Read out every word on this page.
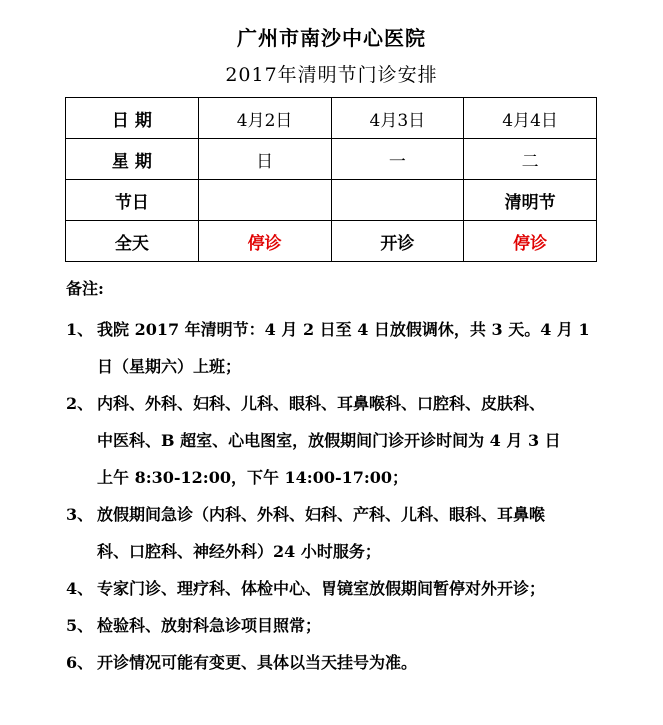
广州市南沙中心医院
2017年清明节门诊安排
日 期	4月2日	4月3日	4月4日
星 期	日	一	二
节日			清明节
全天	停诊	开诊	停诊
备注:
1、 我院 2017 年清明节：4 月 2 日至 4 日放假调休，共 3 天。4 月 1
日（星期六）上班；
2、 内科、外科、妇科、儿科、眼科、耳鼻喉科、口腔科、皮肤科、
中医科、B 超室、心电图室，放假期间门诊开诊时间为 4 月 3 日
上午 8:30-12:00，下午 14:00-17:00；
3、 放假期间急诊（内科、外科、妇科、产科、儿科、眼科、耳鼻喉
科、口腔科、神经外科）24 小时服务；
4、 专家门诊、理疗科、体检中心、胃镜室放假期间暂停对外开诊；
5、 检验科、放射科急诊项目照常；
6、 开诊情况可能有变更、具体以当天挂号为准。
